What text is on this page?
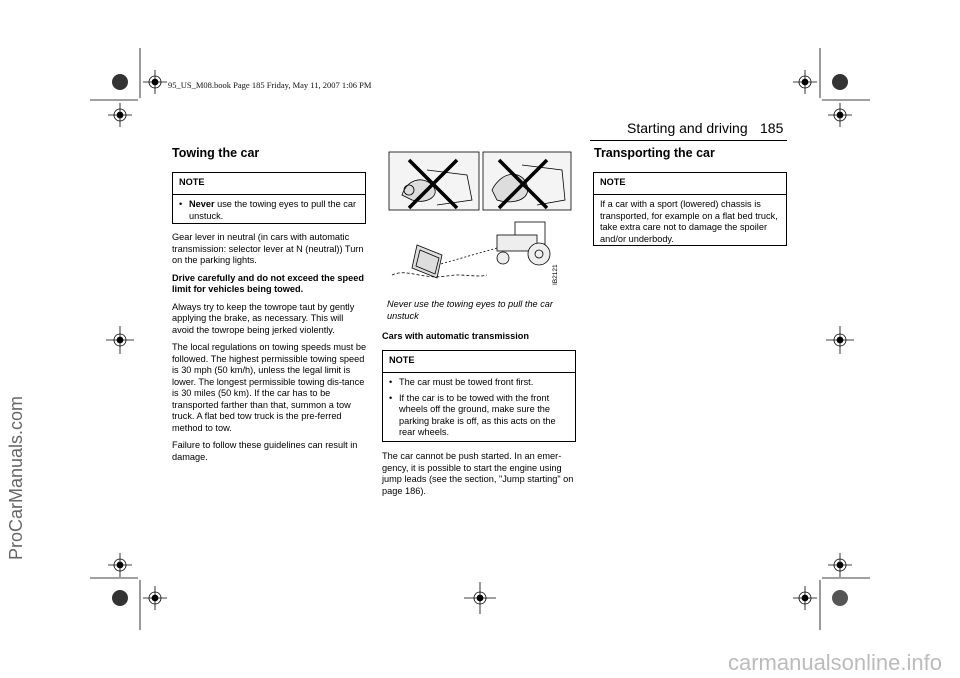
95_US_M08.book Page 185 Friday, May 11, 2007 1:06 PM
Starting and driving 185
Towing the car
NOTE
• Never use the towing eyes to pull the car unstuck.

Gear lever in neutral (in cars with automatic transmission: selector lever at N (neutral)) Turn on the parking lights.

Drive carefully and do not exceed the speed limit for vehicles being towed.

Always try to keep the towrope taut by gently applying the brake, as necessary. This will avoid the towrope being jerked violently.

The local regulations on towing speeds must be followed. The highest permissible towing speed is 30 mph (50 km/h), unless the legal limit is lower. The longest permissible towing dis-tance is 30 miles (50 km). If the car has to be transported farther than that, summon a tow truck. A flat bed tow truck is the pre-ferred method to tow.

Failure to follow these guidelines can result in damage.

IB2121
Never use the towing eyes to pull the car unstuck
Cars with automatic transmission
NOTE
• The car must be towed front first.
• If the car is to be towed with the front wheels off the ground, make sure the parking brake is off, as this acts on the rear wheels.

The car cannot be push started. In an emer-gency, it is possible to start the engine using jump leads (see the section, "Jump starting" on page 186).

Transporting the car
NOTE
If a car with a sport (lowered) chassis is transported, for example on a flat bed truck, take extra care not to damage the spoiler and/or underbody.
ProCarManuals.com
carmanualsonline.info
